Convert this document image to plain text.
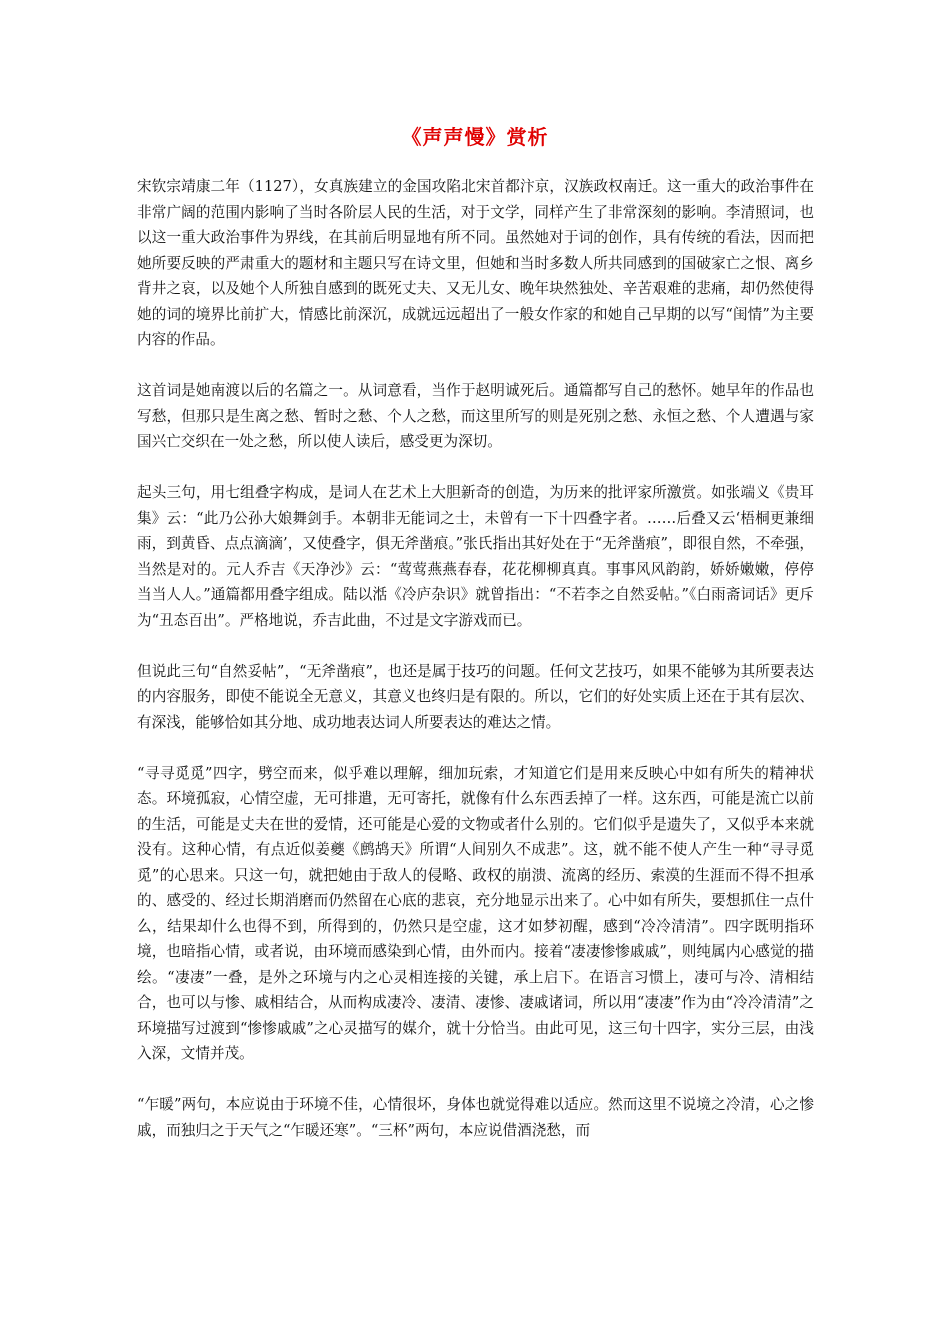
《声声慢》赏析

宋钦宗靖康二年（1127），女真族建立的金国攻陷北宋首都汴京，汉族政权南迁。这一重大的政治事件在非常广阔的范围内影响了当时各阶层人民的生活，对于文学，同样产生了非常深刻的影响。李清照词，也以这一重大政治事件为界线，在其前后明显地有所不同。虽然她对于词的创作，具有传统的看法，因而把她所要反映的严肃重大的题材和主题只写在诗文里，但她和当时多数人所共同感到的国破家亡之恨、离乡背井之哀，以及她个人所独自感到的既死丈夫、又无儿女、晚年块然独处、辛苦艰难的悲痛，却仍然使得她的词的境界比前扩大，情感比前深沉，成就远远超出了一般女作家的和她自己早期的以写“闺情”为主要内容的作品。

这首词是她南渡以后的名篇之一。从词意看，当作于赵明诚死后。通篇都写自己的愁怀。她早年的作品也写愁，但那只是生离之愁、暂时之愁、个人之愁，而这里所写的则是死别之愁、永恒之愁、个人遭遇与家国兴亡交织在一处之愁，所以使人读后，感受更为深切。

起头三句，用七组叠字构成，是词人在艺术上大胆新奇的创造，为历来的批评家所激赏。如张端义《贵耳集》云：“此乃公孙大娘舞剑手。本朝非无能词之士，未曾有一下十四叠字者。……后叠又云‘梧桐更兼细雨，到黄昏、点点滴滴’，又使叠字，俱无斧凿痕。”张氏指出其好处在于“无斧凿痕”，即很自然，不牵强，当然是对的。元人乔吉《天净沙》云：“莺莺燕燕春春，花花柳柳真真。事事风风韵韵，娇娇嫩嫩，停停当当人人。”通篇都用叠字组成。陆以湉《冷庐杂识》就曾指出：“不若李之自然妥帖。”《白雨斋词话》更斥为“丑态百出”。严格地说，乔吉此曲，不过是文字游戏而已。

但说此三句“自然妥帖”，“无斧凿痕”，也还是属于技巧的问题。任何文艺技巧，如果不能够为其所要表达的内容服务，即使不能说全无意义，其意义也终归是有限的。所以，它们的好处实质上还在于其有层次、有深浅，能够恰如其分地、成功地表达词人所要表达的难达之情。

“寻寻觅觅”四字，劈空而来，似乎难以理解，细加玩索，才知道它们是用来反映心中如有所失的精神状态。环境孤寂，心情空虚，无可排遣，无可寄托，就像有什么东西丢掉了一样。这东西，可能是流亡以前的生活，可能是丈夫在世的爱情，还可能是心爱的文物或者什么别的。它们似乎是遗失了，又似乎本来就没有。这种心情，有点近似姜夔《鹧鸪天》所谓“人间别久不成悲”。这，就不能不使人产生一种“寻寻觅觅”的心思来。只这一句，就把她由于敌人的侵略、政权的崩溃、流离的经历、索漠的生涯而不得不担承的、感受的、经过长期消磨而仍然留在心底的悲哀，充分地显示出来了。心中如有所失，要想抓住一点什么，结果却什么也得不到，所得到的，仍然只是空虚，这才如梦初醒，感到“冷冷清清”。四字既明指环境，也暗指心情，或者说，由环境而感染到心情，由外而内。接着“凄凄惨惨戚戚”，则纯属内心感觉的描绘。“凄凄”一叠，是外之环境与内之心灵相连接的关键，承上启下。在语言习惯上，凄可与冷、清相结合，也可以与惨、戚相结合，从而构成凄冷、凄清、凄惨、凄戚诸词，所以用“凄凄”作为由“冷冷清清”之环境描写过渡到“惨惨戚戚”之心灵描写的媒介，就十分恰当。由此可见，这三句十四字，实分三层，由浅入深，文情并茂。

“乍暖”两句，本应说由于环境不佳，心情很坏，身体也就觉得难以适应。然而这里不说境之冷清，心之惨戚，而独归之于天气之“乍暖还寒”。“三杯”两句，本应说借酒浇愁，而
